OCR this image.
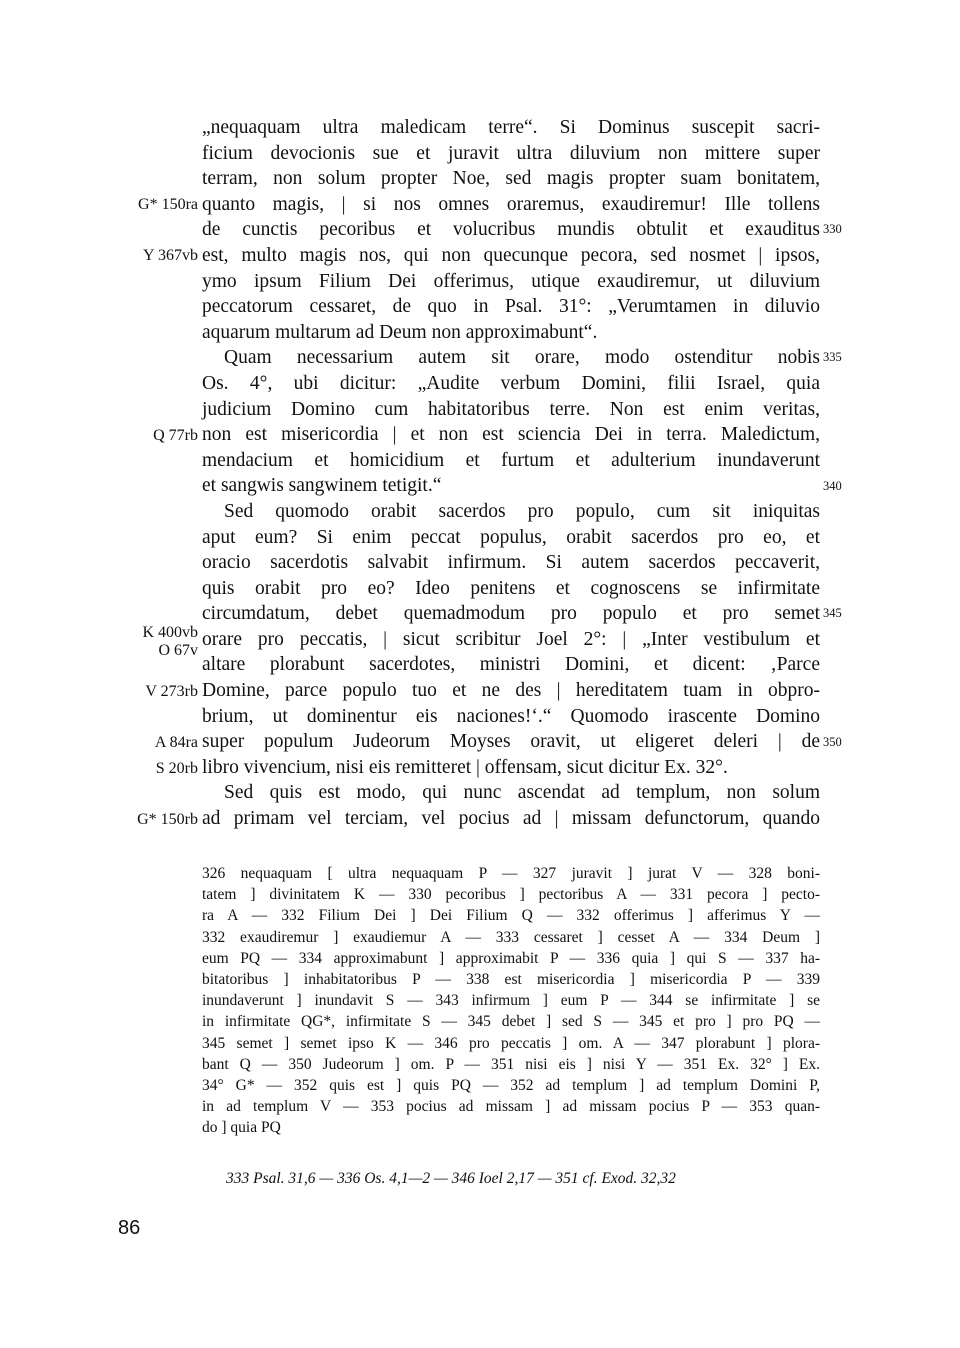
„nequaquam ultra maledicam terre“. Si Dominus suscepit sacri-
ficium devocionis sue et juravit ultra diluvium non mittere super
terram, non solum propter Noe, sed magis propter suam bonitatem,
quanto magis, | si nos omnes oraremus, exaudiremur! Ille tollens
de cunctis pecoribus et volucribus mundis obtulit et exauditus
est, multo magis nos, qui non quecunque pecora, sed nosmet | ipsos,
ymo ipsum Filium Dei offerimus, utique exaudiremur, ut diluvium
peccatorum cessaret, de quo in Psal. 31°: „Verumtamen in diluvio
aquarum multarum ad Deum non approximabunt“.
Quam necessarium autem sit orare, modo ostenditur nobis
Os. 4°, ubi dicitur: „Audite verbum Domini, filii Israel, quia
judicium Domino cum habitatoribus terre. Non est enim veritas,
non est misericordia | et non est sciencia Dei in terra. Maledictum,
mendacium et homicidium et furtum et adulterium inundaverunt
et sangwis sangwinem tetigit.“
Sed quomodo orabit sacerdos pro populo, cum sit iniquitas
aput eum? Si enim peccat populus, orabit sacerdos pro eo, et
oracio sacerdotis salvabit infirmum. Si autem sacerdos peccaverit,
quis orabit pro eo? Ideo penitens et cognoscens se infirmitate
circumdatum, debet quemadmodum pro populo et pro semet
orare pro peccatis, | sicut scribitur Joel 2°: | „Inter vestibulum et
altare plorabunt sacerdotes, ministri Domini, et dicent: ‚Parce
Domine, parce populo tuo et ne des | hereditatem tuam in obpro-
brium, ut dominentur eis naciones!‘.“ Quomodo irascente Domino
super populum Judeorum Moyses oravit, ut eligeret deleri | de
libro vivencium, nisi eis remitteret | offensam, sicut dicitur Ex. 32°.
Sed quis est modo, qui nunc ascendat ad templum, non solum
ad primam vel terciam, vel pocius ad | missam defunctorum, quando
G* 150ra
Y 367vb
Q 77rb
K 400vb
O 67v
V 273rb
A 84ra
S 20rb
G* 150rb
330
335
340
345
350
326 nequaquam [ ultra nequaquam P — 327 juravit ] jurat V — 328 boni-
tatem ] divinitatem K — 330 pecoribus ] pectoribus A — 331 pecora ] pecto-
ra A — 332 Filium Dei ] Dei Filium Q — 332 offerimus ] afferimus Y —
332 exaudiremur ] exaudiemur A — 333 cessaret ] cesset A — 334 Deum ]
eum PQ — 334 approximabunt ] approximabit P — 336 quia ] qui S — 337 ha-
bitatoribus ] inhabitatoribus P — 338 est misericordia ] misericordia P — 339
inundaverunt ] inundavit S — 343 infirmum ] eum P — 344 se infirmitate ] se
in infirmitate QG*, infirmitate S — 345 debet ] sed S — 345 et pro ] pro PQ —
345 semet ] semet ipso K — 346 pro peccatis ] om. A — 347 plorabunt ] plora-
bant Q — 350 Judeorum ] om. P — 351 nisi eis ] nisi Y — 351 Ex. 32° ] Ex.
34° G* — 352 quis est ] quis PQ — 352 ad templum ] ad templum Domini P,
in ad templum V — 353 pocius ad missam ] ad missam pocius P — 353 quan-
do ] quia PQ
333 Psal. 31,6 — 336 Os. 4,1—2 — 346 Ioel 2,17 — 351 cf. Exod. 32,32
86
